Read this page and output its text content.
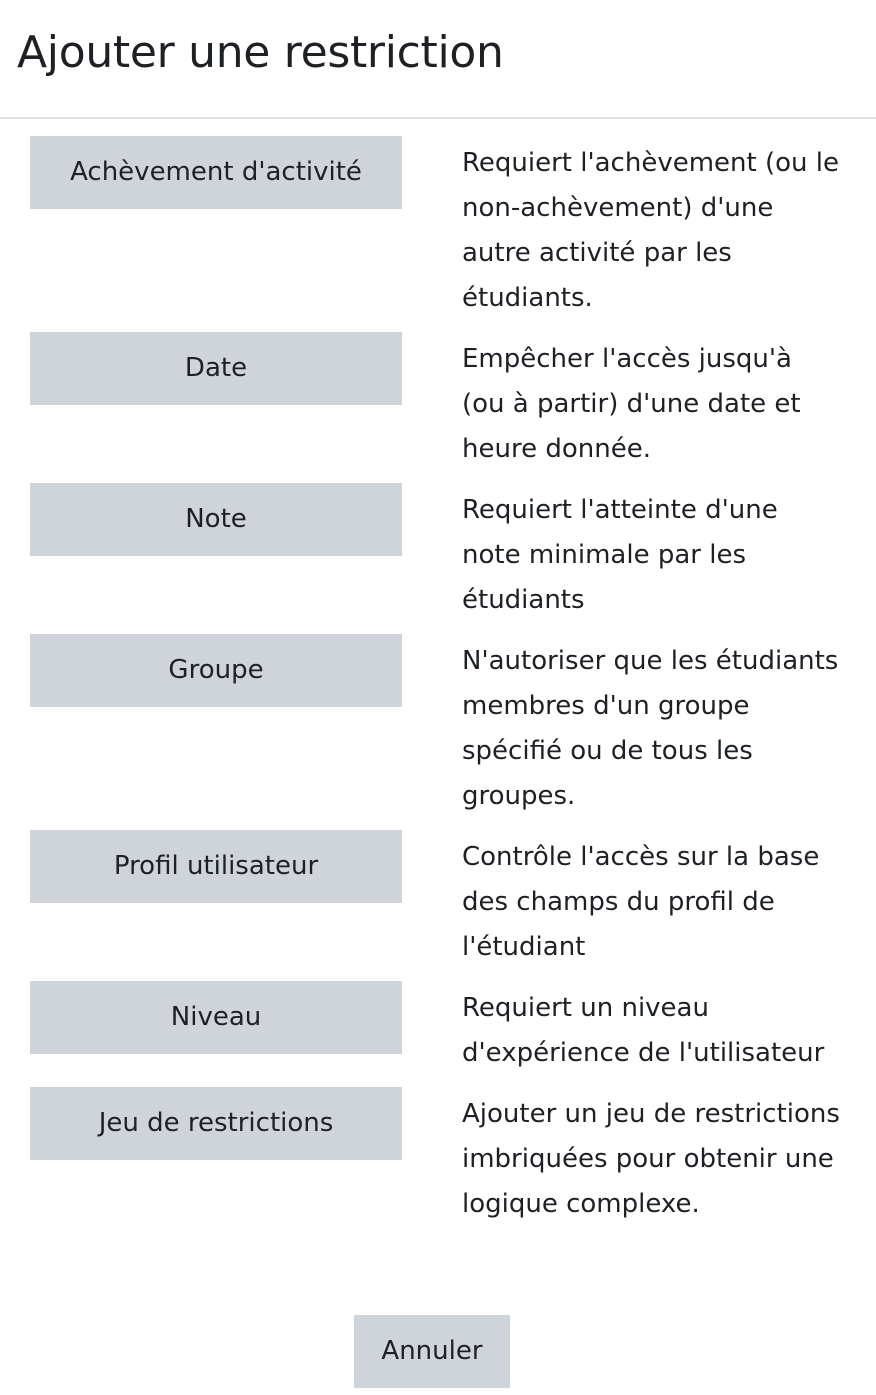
Ajouter une restriction
Achèvement d'activité	Requiert l'achèvement (ou le non-achèvement) d'une autre activité par les étudiants.

Date	Empêcher l'accès jusqu'à (ou à partir) d'une date et heure donnée.

Note	Requiert l'atteinte d'une note minimale par les étudiants

Groupe	N'autoriser que les étudiants membres d'un groupe spécifié ou de tous les groupes.

Profil utilisateur	Contrôle l'accès sur la base des champs du profil de l'étudiant

Niveau	Requiert un niveau d'expérience de l'utilisateur

Jeu de restrictions	Ajouter un jeu de restrictions imbriquées pour obtenir une logique complexe.

Annuler
